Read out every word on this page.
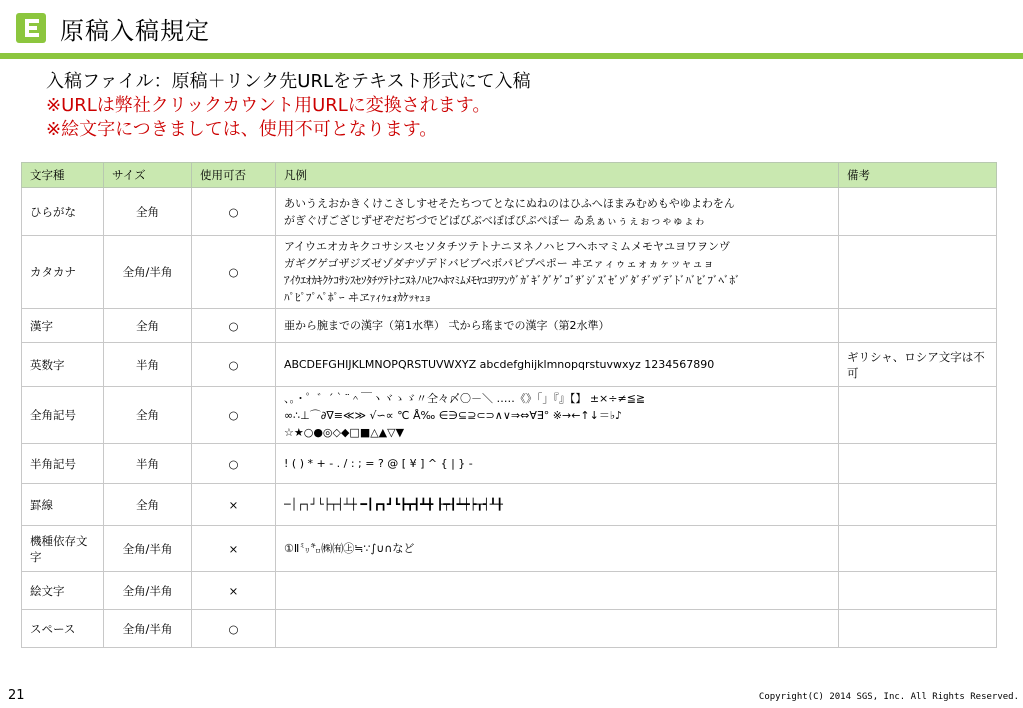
原稿入稿規定
入稿ファイル：原稿＋リンク先URLをテキスト形式にて入稿
※URLは弊社クリックカウント用URLに変換されます。
※絵文字につきましては、使用不可となります。
文字種	サイズ	使用可否	凡例	備考
ひらがな	全角	○	あいうえおかきくけこさしすせそたちつてとなにぬねのはひふへほまみむめもやゆよわをん
がぎぐげござじずぜぞだぢづでどばびぶべぼぱぴぷぺぽー ゐゑぁぃぅぇぉっゃゅょゎ	

カタカナ	全角/半角	○	アイウエオカキクコサシスセソタチツテトナニヌネノハヒフヘホマミムメモヤユヨワヲンヴ
ガギグゲゴザジズゼゾダヂヅデドバビブベボパピプペポー ヰヱァィゥェォヵヶッャュョ
ｱｲｳｴｵｶｷｸｹｺｻｼｽｾｿﾀﾁﾂﾃﾄﾅﾆﾇﾈﾉﾊﾋﾌﾍﾎﾏﾐﾑﾒﾓﾔﾕﾖﾜｦﾝｳﾞｶﾞｷﾞｸﾞｹﾞｺﾞｻﾞｼﾞｽﾞｾﾞｿﾞﾀﾞﾁﾞﾂﾞﾃﾞﾄﾞﾊﾞﾋﾞﾌﾞﾍﾞﾎﾞ
ﾊﾟﾋﾟﾌﾟﾍﾟﾎﾟｰ ヰヱｧｨｩｪｫｶｹｯｬｭｮ	

漢字	全角	○	亜から腕までの漢字（第1水準） 弌から瑤までの漢字（第2水準）	

英数字	半角	○	ABCDEFGHIJKLMNOPQRSTUVWXYZ abcdefghijklmnopqrstuvwxyz 1234567890	ギリシャ、ロシア文字は不可
全角記号	全角	○	、。・゜゛´｀¨＾￣ヽヾゝゞ〃仝々〆〇－＼ …‥《》「」『』【】 ±×÷≠≦≧
∞∴⊥⌒∂∇≡≪≫ √∽∝ ℃ Å‰ ∈∋⊆⊇⊂⊃∧∨⇒⇔∀∃° ※→←↑↓＝♭♪
☆★○●◎◇◆□■△▲▽▼	

半角記号	半角	○	! ( ) * + - . / : ; = ? @ [ ¥ ] ^ { | } -	

罫線	全角	×	─│┌┐┘└├┬┤┴┼ ━┃┏┓┛┗┣┳┫┻╋ ┠┯┨┷┿┝┰┥┸╂	

機種依存文字	全角/半角	×	①Ⅱ㍉㌔㈱㈲㊤≒∵∫∪∩など	

絵文字	全角/半角	×		
スペース	全角/半角	○		
21	Copyright(C) 2014 SGS, Inc. All Rights Reserved.
